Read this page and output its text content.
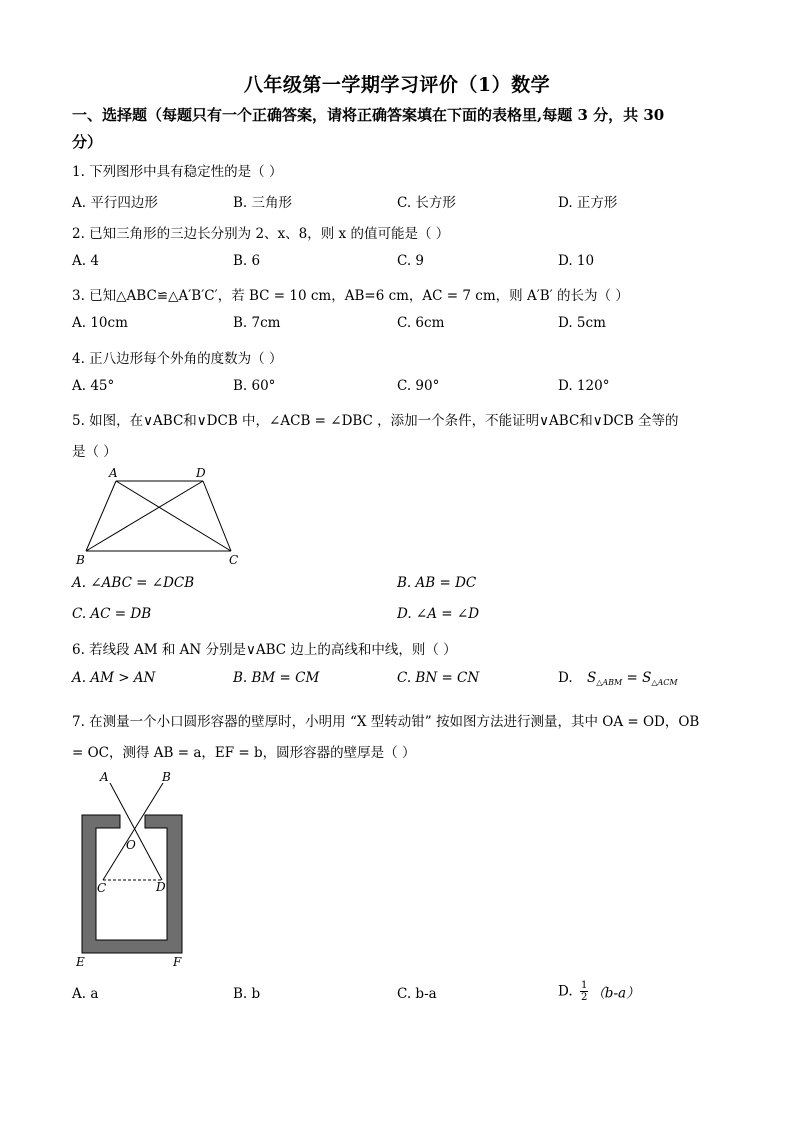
八年级第一学期学习评价（1）数学
一、选择题（每题只有一个正确答案，请将正确答案填在下面的表格里,每题 3 分，共 30
分）
1. 下列图形中具有稳定性的是（ ）
A. 平行四边形	B. 三角形	C. 长方形	D. 正方形
2. 已知三角形的三边长分别为 2、x、8，则 x 的值可能是（ ）
A. 4	B. 6	C. 9	D. 10
3. 已知△ABC≌△A′B′C′，若 BC = 10 cm，AB=6 cm，AC = 7 cm，则 A′B′ 的长为（ ）
A. 10cm	B. 7cm	C. 6cm	D. 5cm
4. 正八边形每个外角的度数为（ ）
A. 45°	B. 60°	C. 90°	D. 120°
5. 如图，在∨ABC和∨DCB 中，∠ACB = ∠DBC ，添加一个条件，不能证明∨ABC和∨DCB 全等的
是（ ）
A	D
B	C
A. ∠ABC = ∠DCB	B. AB = DC
C. AC = DB	D. ∠A = ∠D
6. 若线段 AM 和 AN 分别是∨ABC 边上的高线和中线，则（ ）
A. AM > AN	B. BM = CM	C. BN = CN	D. $S_{\triangle ABM} = S_{\triangle ACM}$
7. 在测量一个小口圆形容器的壁厚时，小明用 “X 型转动钳” 按如图方法进行测量，其中 OA = OD，OB
= OC，测得 AB = a，EF = b，圆形容器的壁厚是（ ）
A	B
O
C	D
E	F
A. a	B. b	C. b-a	D. $\frac{1}{2} (b-a)$
